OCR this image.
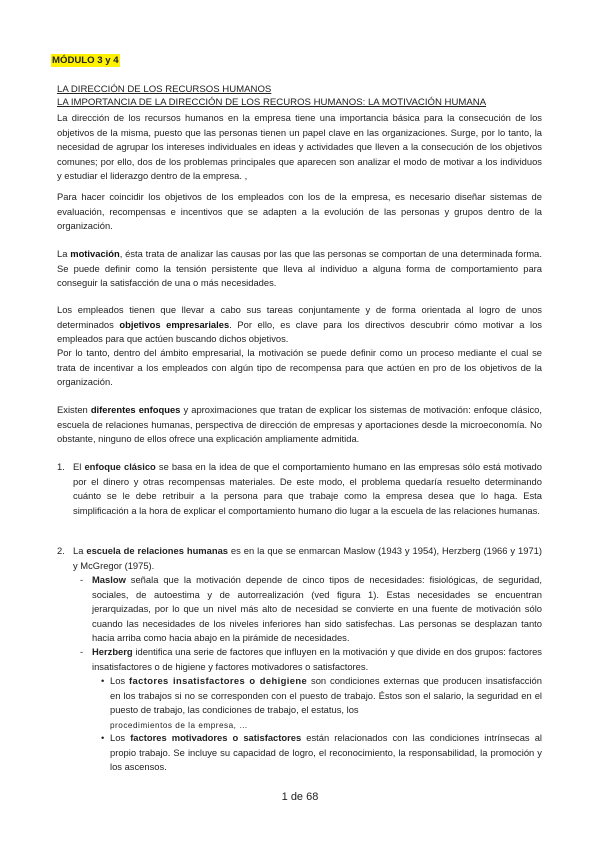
MÓDULO 3 y 4
LA DIRECCIÓN DE LOS RECURSOS HUMANOS
LA IMPORTANCIA DE LA DIRECCIÓN DE LOS RECUROS HUMANOS: LA MOTIVACIÓN HUMANA

La dirección de los recursos humanos en la empresa tiene una importancia básica para la consecución de los objetivos de la misma, puesto que las personas tienen un papel clave en las organizaciones. Surge, por lo tanto, la necesidad de agrupar los intereses individuales en ideas y actividades que lleven a la consecución de los objetivos comunes; por ello, dos de los problemas principales que aparecen son analizar el modo de motivar a los individuos y estudiar el liderazgo dentro de la empresa. ,

Para hacer coincidir los objetivos de los empleados con los de la empresa, es necesario diseñar sistemas de evaluación, recompensas e incentivos que se adapten a la evolución de las personas y grupos dentro de la organización.

La motivación, ésta trata de analizar las causas por las que las personas se comportan de una determinada forma. Se puede definir como la tensión persistente que lleva al individuo a alguna forma de comportamiento para conseguir la satisfacción de una o más necesidades.

Los empleados tienen que llevar a cabo sus tareas conjuntamente y de forma orientada al logro de unos determinados objetivos empresariales. Por ello, es clave para los directivos descubrir cómo motivar a los empleados para que actúen buscando dichos objetivos.

Por lo tanto, dentro del ámbito empresarial, la motivación se puede definir como un proceso mediante el cual se trata de incentivar a los empleados con algún tipo de recompensa para que actúen en pro de los objetivos de la organización.

Existen diferentes enfoques y aproximaciones que tratan de explicar los sistemas de motivación: enfoque clásico, escuela de relaciones humanas, perspectiva de dirección de empresas y aportaciones desde la microeconomía. No obstante, ninguno de ellos ofrece una explicación ampliamente admitida.

1. El enfoque clásico se basa en la idea de que el comportamiento humano en las empresas sólo está motivado por el dinero y otras recompensas materiales. De este modo, el problema quedaría resuelto determinando cuánto se le debe retribuir a la persona para que trabaje como la empresa desea que lo haga. Esta simplificación a la hora de explicar el comportamiento humano dio lugar a la escuela de las relaciones humanas.
2. La escuela de relaciones humanas es en la que se enmarcan Maslow (1943 y 1954), Herzberg (1966 y 1971) y McGregor (1975).
- Maslow señala que la motivación depende de cinco tipos de necesidades: fisiológicas, de seguridad, sociales, de autoestima y de autorrealización (ved figura 1). Estas necesidades se encuentran jerarquizadas, por lo que un nivel más alto de necesidad se convierte en una fuente de motivación sólo cuando las necesidades de los niveles inferiores han sido satisfechas. Las personas se desplazan tanto hacia arriba como hacia abajo en la pirámide de necesidades.
- Herzberg identifica una serie de factores que influyen en la motivación y que divide en dos grupos: factores insatisfactores o de higiene y factores motivadores o satisfactores.
• Los factores insatisfactores o dehigiene son condiciones externas que producen insatisfacción en los trabajos si no se corresponden con el puesto de trabajo. Éstos son el salario, la seguridad en el puesto de trabajo, las condiciones de trabajo, el estatus, los
procedimientos de la empresa, …
• Los factores motivadores o satisfactores están relacionados con las condiciones intrínsecas al propio trabajo. Se incluye su capacidad de logro, el reconocimiento, la responsabilidad, la promoción y los ascensos.
1 de 68
